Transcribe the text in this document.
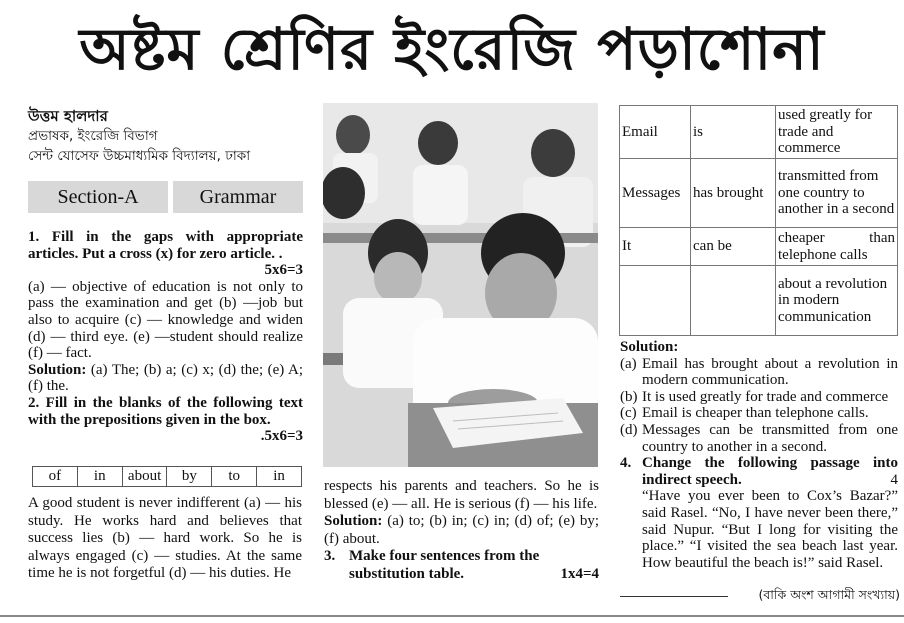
অষ্টম শ্রেণির ইংরেজি পড়াশোনা
উত্তম হালদার
প্রভাষক, ইংরেজি বিভাগ
সেন্ট যোসেফ উচ্চমাধ্যমিক বিদ্যালয়, ঢাকা
Section-A	Grammar
1. Fill in the gaps with appropriate articles. Put a cross (x) for zero article. .
5x6=3
(a) — objective of education is not only to pass the examination and get (b) —job but also to acquire (c) — knowledge and widen (d) — third eye. (e) —student should realize (f) — fact.
Solution: (a) The; (b) a; (c) x; (d) the; (e) A; (f) the.
2. Fill in the blanks of the following text with the prepositions given in the box.
.5x6=3
of	in	about	by	to	in
A good student is never indifferent (a) — his study. He works hard and believes that success lies (b) — hard work. So he is always engaged (c) — studies. At the same time he is not forgetful (d) — his duties. He
respects his parents and teachers. So he is blessed (e) — all. He is serious (f) — his life.
Solution: (a) to; (b) in; (c) in; (d) of; (e) by; (f) about.
3. Make four sentences from the substitution table.	1x4=4
Email	is	used greatly for trade and commerce
Messages	has brought	transmitted from one country to another in a second
It	can be	cheaper than telephone calls
		about a revolution in modern communication
Solution:
(a) Email has brought about a revolution in modern communication.
(b) It is used greatly for trade and commerce
(c) Email is cheaper than telephone calls.
(d) Messages can be transmitted from one country to another in a second.
4. Change the following passage into indirect speech.	4
“Have you ever been to Cox’s Bazar?” said Rasel. “No, I have never been there,” said Nupur. “But I long for visiting the place.” “I visited the sea beach last year. How beautiful the beach is!” said Rasel.
(বাকি অংশ আগামী সংখ্যায়)
